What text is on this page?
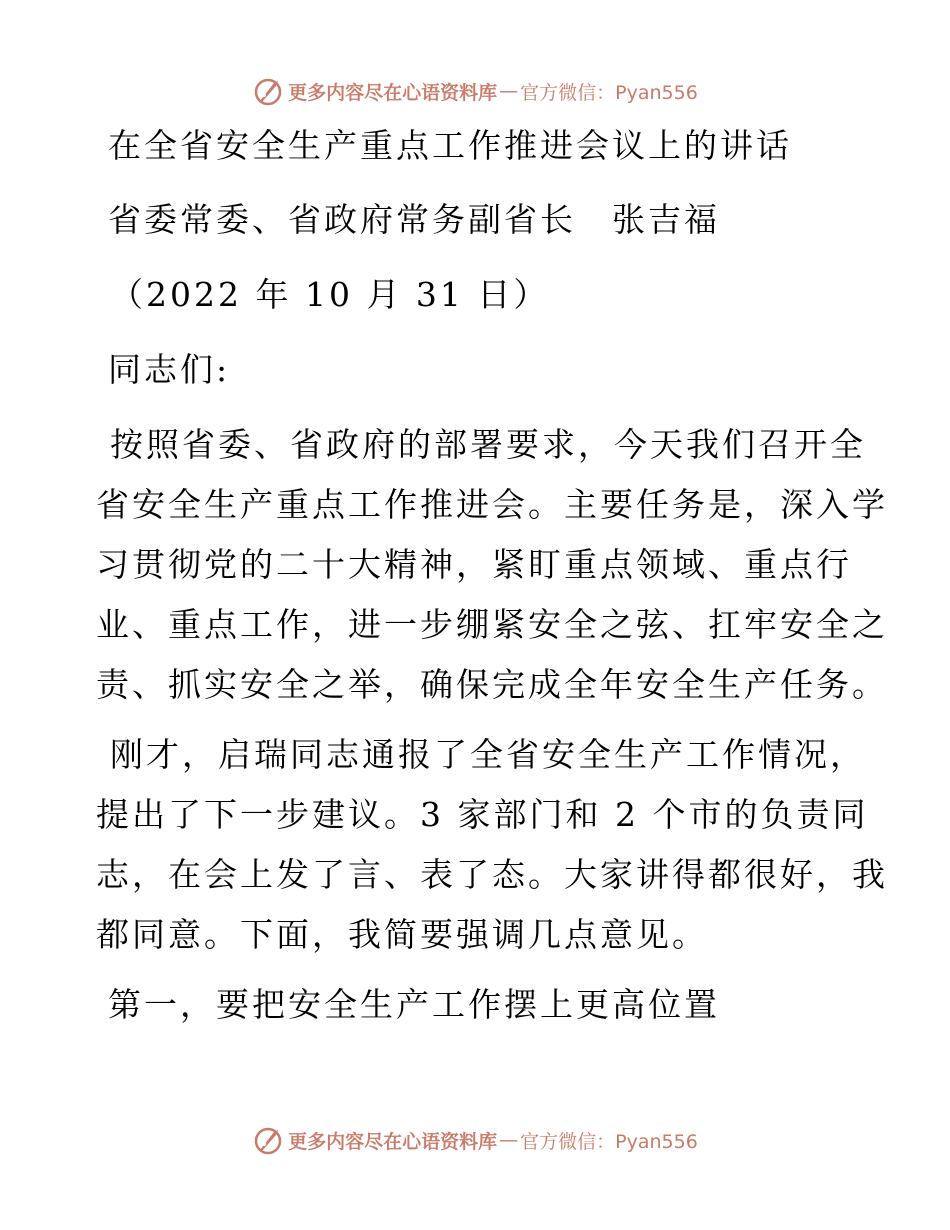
更多内容尽在心语资料库 — 官方微信：Pyan556
在全省安全生产重点工作推进会议上的讲话
省委常委、省政府常务副省长　张吉福
（2022 年 10 月 31 日）
同志们:
按照省委、省政府的部署要求，今天我们召开全
省安全生产重点工作推进会。主要任务是，深入学
习贯彻党的二十大精神，紧盯重点领域、重点行
业、重点工作，进一步绷紧安全之弦、扛牢安全之
责、抓实安全之举，确保完成全年安全生产任务。
刚才，启瑞同志通报了全省安全生产工作情况，
提出了下一步建议。3 家部门和 2 个市的负责同
志，在会上发了言、表了态。大家讲得都很好，我
都同意。下面，我简要强调几点意见。
第一，要把安全生产工作摆上更高位置
更多内容尽在心语资料库 — 官方微信：Pyan556
